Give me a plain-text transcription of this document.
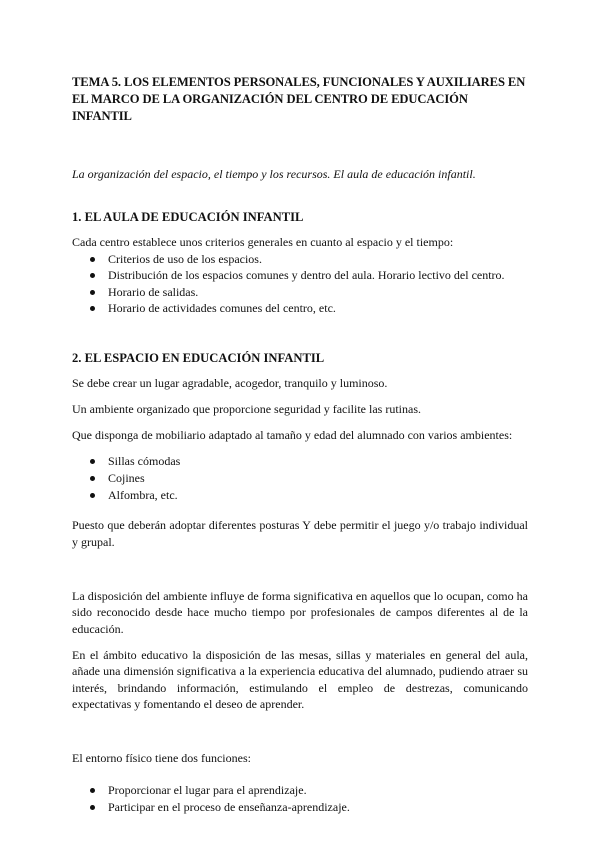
TEMA 5. LOS ELEMENTOS PERSONALES, FUNCIONALES Y AUXILIARES EN EL MARCO DE LA ORGANIZACIÓN DEL CENTRO DE EDUCACIÓN INFANTIL

La organización del espacio, el tiempo y los recursos. El aula de educación infantil.

1. EL AULA DE EDUCACIÓN INFANTIL

Cada centro establece unos criterios generales en cuanto al espacio y el tiempo:

Criterios de uso de los espacios.
Distribución de los espacios comunes y dentro del aula. Horario lectivo del centro.
Horario de salidas.
Horario de actividades comunes del centro, etc.
2. EL ESPACIO EN EDUCACIÓN INFANTIL

Se debe crear un lugar agradable, acogedor, tranquilo y luminoso.

Un ambiente organizado que proporcione seguridad y facilite las rutinas.

Que disponga de mobiliario adaptado al tamaño y edad del alumnado con varios ambientes:

Sillas cómodas
Cojines
Alfombra, etc.

Puesto que deberán adoptar diferentes posturas Y debe permitir el juego y/o trabajo individual y grupal.

La disposición del ambiente influye de forma significativa en aquellos que lo ocupan, como ha sido reconocido desde hace mucho tiempo por profesionales de campos diferentes al de la educación.

En el ámbito educativo la disposición de las mesas, sillas y materiales en general del aula, añade una dimensión significativa a la experiencia educativa del alumnado, pudiendo atraer su interés, brindando información, estimulando el empleo de destrezas, comunicando expectativas y fomentando el deseo de aprender.

El entorno físico tiene dos funciones:

Proporcionar el lugar para el aprendizaje.
Participar en el proceso de enseñanza-aprendizaje.
